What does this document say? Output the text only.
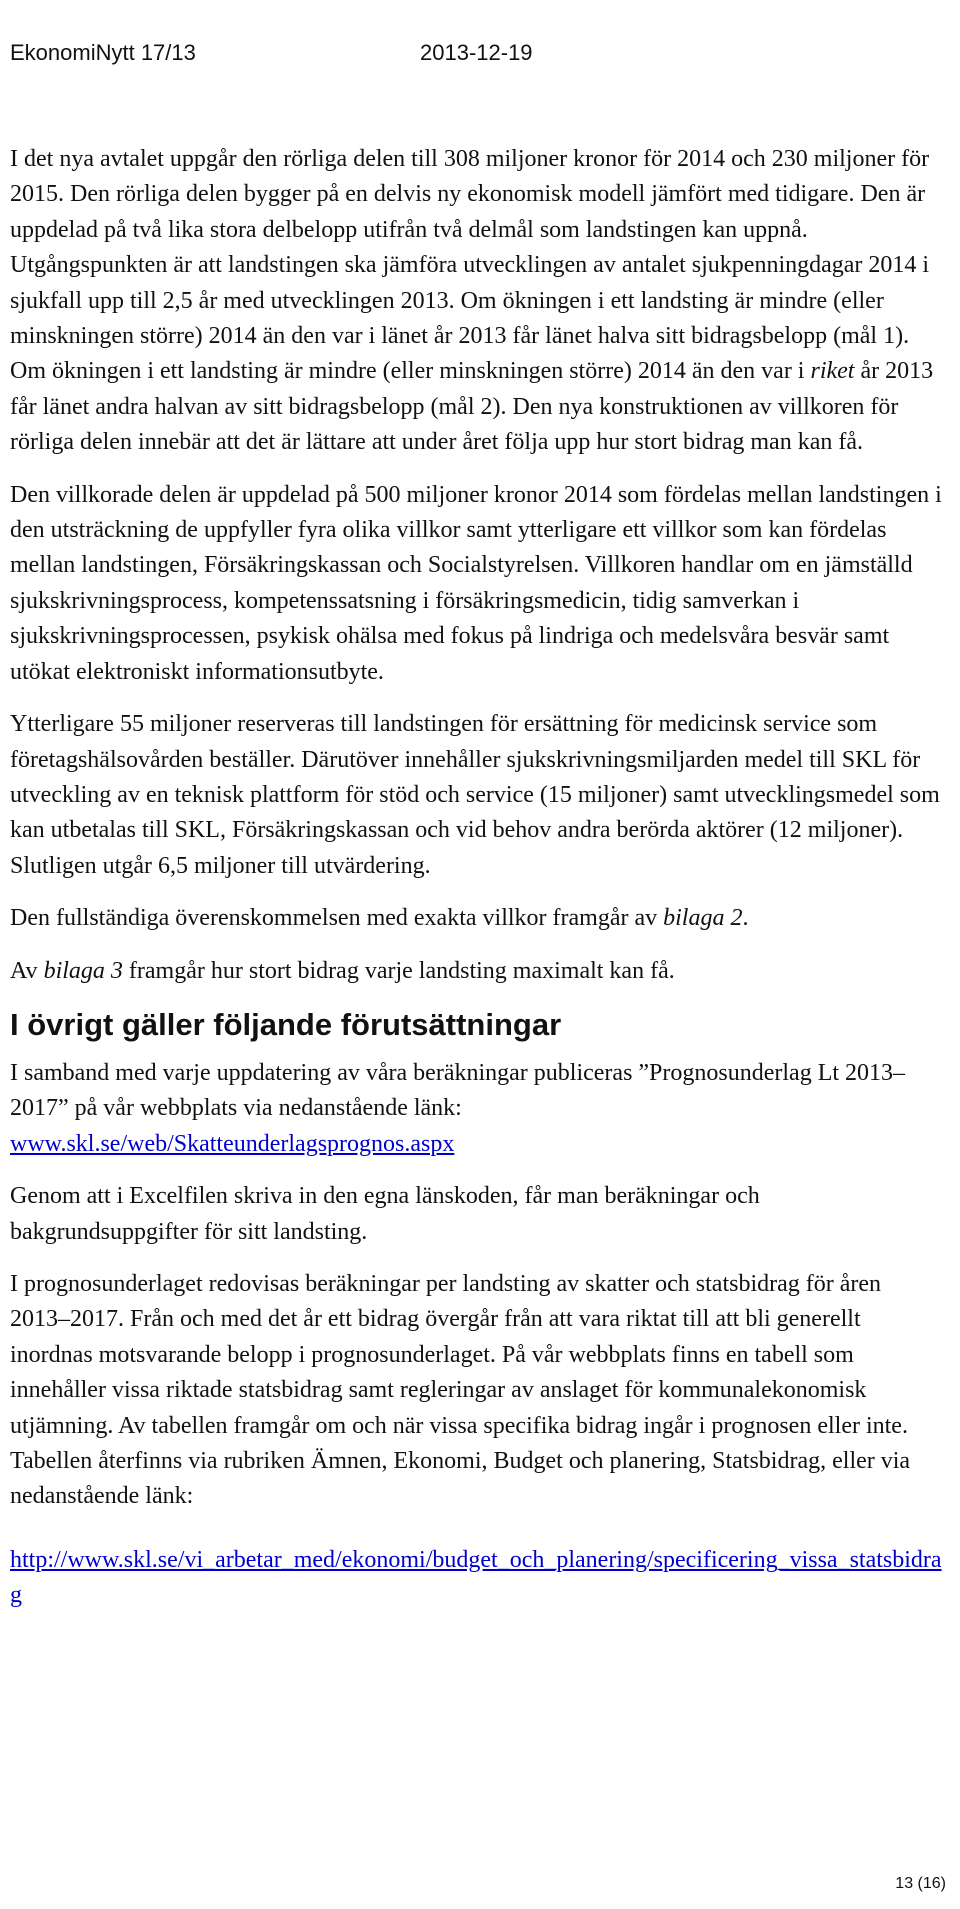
EkonomiNytt 17/13	2013-12-19

I det nya avtalet uppgår den rörliga delen till 308 miljoner kronor för 2014 och 230 miljoner för 2015. Den rörliga delen bygger på en delvis ny ekonomisk modell jämfört med tidigare. Den är uppdelad på två lika stora delbelopp utifrån två delmål som landstingen kan uppnå. Utgångspunkten är att landstingen ska jämföra utvecklingen av antalet sjukpenningdagar 2014 i sjukfall upp till 2,5 år med utvecklingen 2013. Om ökningen i ett landsting är mindre (eller minskningen större) 2014 än den var i länet år 2013 får länet halva sitt bidragsbelopp (mål 1). Om ökningen i ett landsting är mindre (eller minskningen större) 2014 än den var i riket år 2013 får länet andra halvan av sitt bidragsbelopp (mål 2). Den nya konstruktionen av villkoren för rörliga delen innebär att det är lättare att under året följa upp hur stort bidrag man kan få.

Den villkorade delen är uppdelad på 500 miljoner kronor 2014 som fördelas mellan landstingen i den utsträckning de uppfyller fyra olika villkor samt ytterligare ett villkor som kan fördelas mellan landstingen, Försäkringskassan och Socialstyrelsen. Villkoren handlar om en jämställd sjukskrivningsprocess, kompetenssatsning i försäkringsmedicin, tidig samverkan i sjukskrivningsprocessen, psykisk ohälsa med fokus på lindriga och medelsvåra besvär samt utökat elektroniskt informationsutbyte.

Ytterligare 55 miljoner reserveras till landstingen för ersättning för medicinsk service som företagshälsovården beställer. Därutöver innehåller sjukskrivningsmiljarden medel till SKL för utveckling av en teknisk plattform för stöd och service (15 miljoner) samt utvecklingsmedel som kan utbetalas till SKL, Försäkringskassan och vid behov andra berörda aktörer (12 miljoner). Slutligen utgår 6,5 miljoner till utvärdering.

Den fullständiga överenskommelsen med exakta villkor framgår av bilaga 2.

Av bilaga 3 framgår hur stort bidrag varje landsting maximalt kan få.

I övrigt gäller följande förutsättningar

I samband med varje uppdatering av våra beräkningar publiceras ”Prognosunderlag Lt 2013–2017” på vår webbplats via nedanstående länk:
www.skl.se/web/Skatteunderlagsprognos.aspx

Genom att i Excelfilen skriva in den egna länskoden, får man beräkningar och bakgrundsuppgifter för sitt landsting.

I prognosunderlaget redovisas beräkningar per landsting av skatter och statsbidrag för åren 2013–2017. Från och med det år ett bidrag övergår från att vara riktat till att bli generellt inordnas motsvarande belopp i prognosunderlaget. På vår webbplats finns en tabell som innehåller vissa riktade statsbidrag samt regleringar av anslaget för kommunalekonomisk utjämning. Av tabellen framgår om och när vissa specifika bidrag ingår i prognosen eller inte. Tabellen återfinns via rubriken Ämnen, Ekonomi, Budget och planering, Statsbidrag, eller via nedanstående länk:

http://www.skl.se/vi_arbetar_med/ekonomi/budget_och_planering/specificering_vissa_statsbidrag

13 (16)
